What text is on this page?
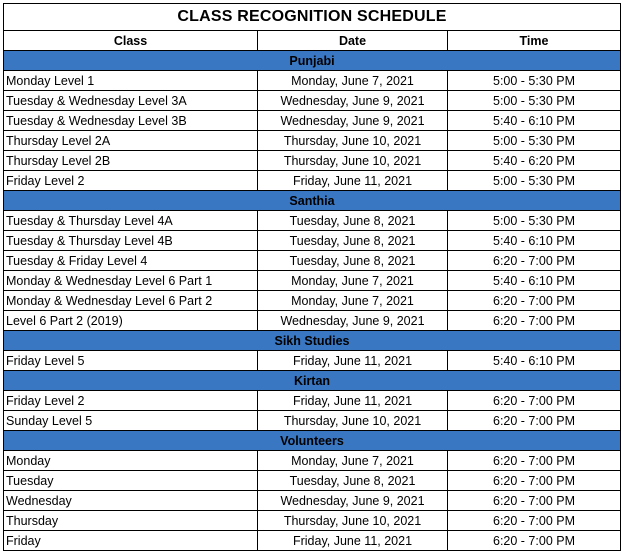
CLASS RECOGNITION SCHEDULE		
Class	Date	Time
Punjabi		
Monday Level 1	Monday, June 7, 2021	5:00 - 5:30 PM
Tuesday & Wednesday Level 3A	Wednesday, June 9, 2021	5:00 - 5:30 PM
Tuesday & Wednesday Level 3B	Wednesday, June 9, 2021	5:40 - 6:10 PM
Thursday Level 2A	Thursday, June 10, 2021	5:00 - 5:30 PM
Thursday Level 2B	Thursday, June 10, 2021	5:40 - 6:20 PM
Friday Level 2	Friday, June 11, 2021	5:00 - 5:30 PM
Santhia		
Tuesday & Thursday Level 4A	Tuesday, June 8, 2021	5:00 - 5:30 PM
Tuesday & Thursday Level 4B	Tuesday, June 8, 2021	5:40 - 6:10 PM
Tuesday & Friday Level 4	Tuesday, June 8, 2021	6:20 - 7:00 PM
Monday & Wednesday Level 6 Part 1	Monday, June 7, 2021	5:40 - 6:10 PM
Monday & Wednesday Level 6 Part 2	Monday, June 7, 2021	6:20 - 7:00 PM
Level 6 Part 2 (2019)	Wednesday, June 9, 2021	6:20 - 7:00 PM
Sikh Studies		
Friday Level 5	Friday, June 11, 2021	5:40 - 6:10 PM
Kirtan		
Friday Level 2	Friday, June 11, 2021	6:20 - 7:00 PM
Sunday Level 5	Thursday, June 10, 2021	6:20 - 7:00 PM
Volunteers		
Monday	Monday, June 7, 2021	6:20 - 7:00 PM
Tuesday	Tuesday, June 8, 2021	6:20 - 7:00 PM
Wednesday	Wednesday, June 9, 2021	6:20 - 7:00 PM
Thursday	Thursday, June 10, 2021	6:20 - 7:00 PM
Friday	Friday, June 11, 2021	6:20 - 7:00 PM
